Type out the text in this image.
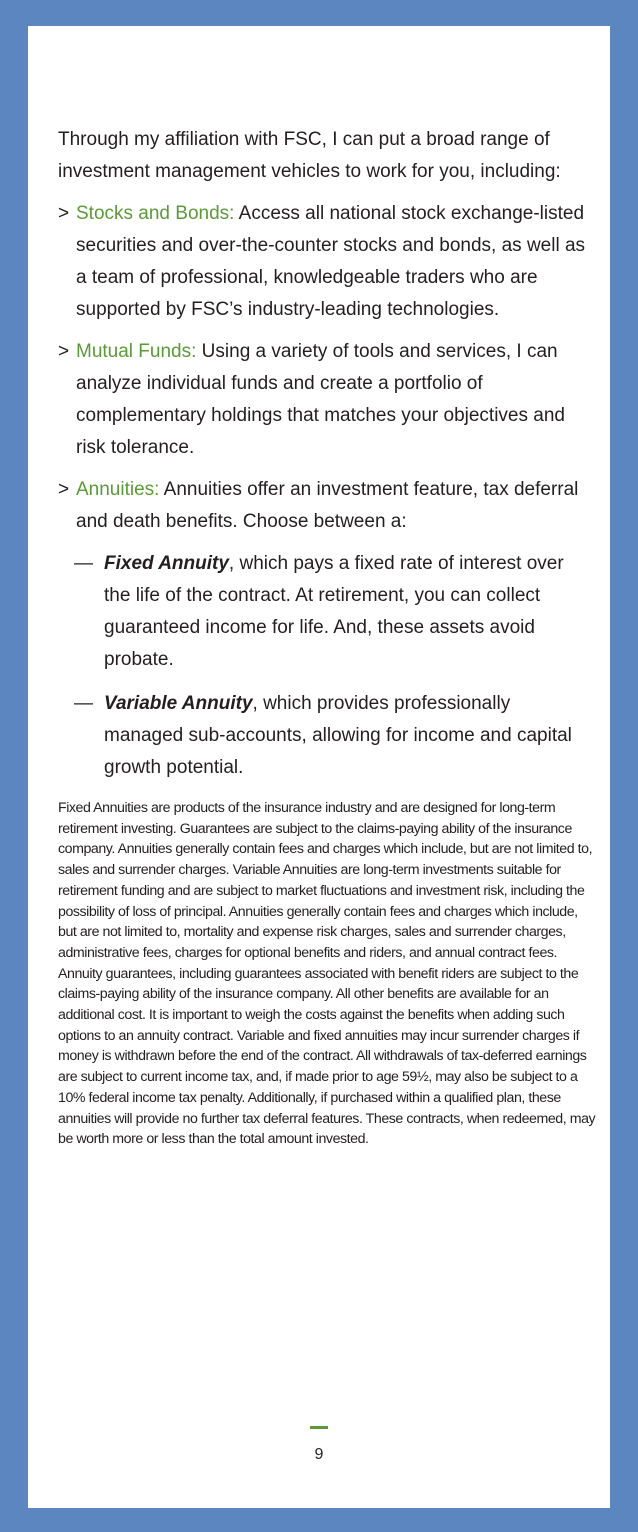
Through my affiliation with FSC, I can put a broad range of investment management vehicles to work for you, including:

> Stocks and Bonds: Access all national stock exchange-listed securities and over-the-counter stocks and bonds, as well as a team of professional, knowledgeable traders who are supported by FSC’s industry-leading technologies.
> Mutual Funds: Using a variety of tools and services, I can analyze individual funds and create a portfolio of complementary holdings that matches your objectives and risk tolerance.
> Annuities: Annuities offer an investment feature, tax deferral and death benefits. Choose between a:
— Fixed Annuity, which pays a fixed rate of interest over the life of the contract. At retirement, you can collect guaranteed income for life. And, these assets avoid probate.
— Variable Annuity, which provides professionally managed sub-accounts, allowing for income and capital growth potential.

Fixed Annuities are products of the insurance industry and are designed for long-term retirement investing. Guarantees are subject to the claims-paying ability of the insurance company. Annuities generally contain fees and charges which include, but are not limited to, sales and surrender charges. Variable Annuities are long-term investments suitable for retirement funding and are subject to market fluctuations and investment risk, including the possibility of loss of principal. Annuities generally contain fees and charges which include, but are not limited to, mortality and expense risk charges, sales and surrender charges, administrative fees, charges for optional benefits and riders, and annual contract fees. Annuity guarantees, including guarantees associated with benefit riders are subject to the claims-paying ability of the insurance company. All other benefits are available for an additional cost. It is important to weigh the costs against the benefits when adding such options to an annuity contract. Variable and fixed annuities may incur surrender charges if money is withdrawn before the end of the contract. All withdrawals of tax-deferred earnings are subject to current income tax, and, if made prior to age 59½, may also be subject to a 10% federal income tax penalty. Additionally, if purchased within a qualified plan, these annuities will provide no further tax deferral features. These contracts, when redeemed, may be worth more or less than the total amount invested.

9
